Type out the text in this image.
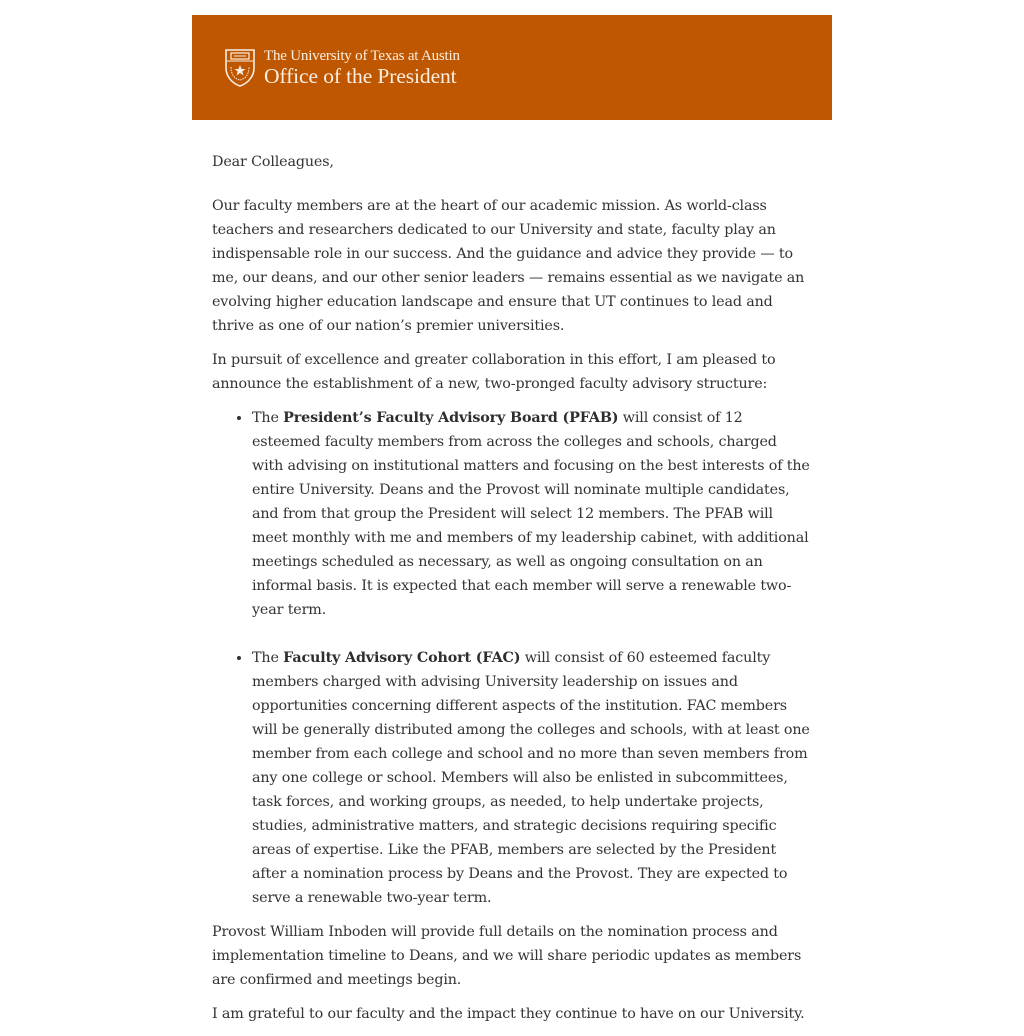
The University of Texas at Austin
Office of the President

Dear Colleagues,

Our faculty members are at the heart of our academic mission. As world-class teachers and researchers dedicated to our University and state, faculty play an indispensable role in our success. And the guidance and advice they provide — to me, our deans, and our other senior leaders — remains essential as we navigate an evolving higher education landscape and ensure that UT continues to lead and thrive as one of our nation’s premier universities.

In pursuit of excellence and greater collaboration in this effort, I am pleased to announce the establishment of a new, two-pronged faculty advisory structure:

• The President’s Faculty Advisory Board (PFAB) will consist of 12 esteemed faculty members from across the colleges and schools, charged with advising on institutional matters and focusing on the best interests of the entire University. Deans and the Provost will nominate multiple candidates, and from that group the President will select 12 members. The PFAB will meet monthly with me and members of my leadership cabinet, with additional meetings scheduled as necessary, as well as ongoing consultation on an informal basis. It is expected that each member will serve a renewable two-year term.
• The Faculty Advisory Cohort (FAC) will consist of 60 esteemed faculty members charged with advising University leadership on issues and opportunities concerning different aspects of the institution. FAC members will be generally distributed among the colleges and schools, with at least one member from each college and school and no more than seven members from any one college or school. Members will also be enlisted in subcommittees, task forces, and working groups, as needed, to help undertake projects, studies, administrative matters, and strategic decisions requiring specific areas of expertise. Like the PFAB, members are selected by the President after a nomination process by Deans and the Provost. They are expected to serve a renewable two-year term.

Provost William Inboden will provide full details on the nomination process and implementation timeline to Deans, and we will share periodic updates as members are confirmed and meetings begin.

I am grateful to our faculty and the impact they continue to have on our University.
